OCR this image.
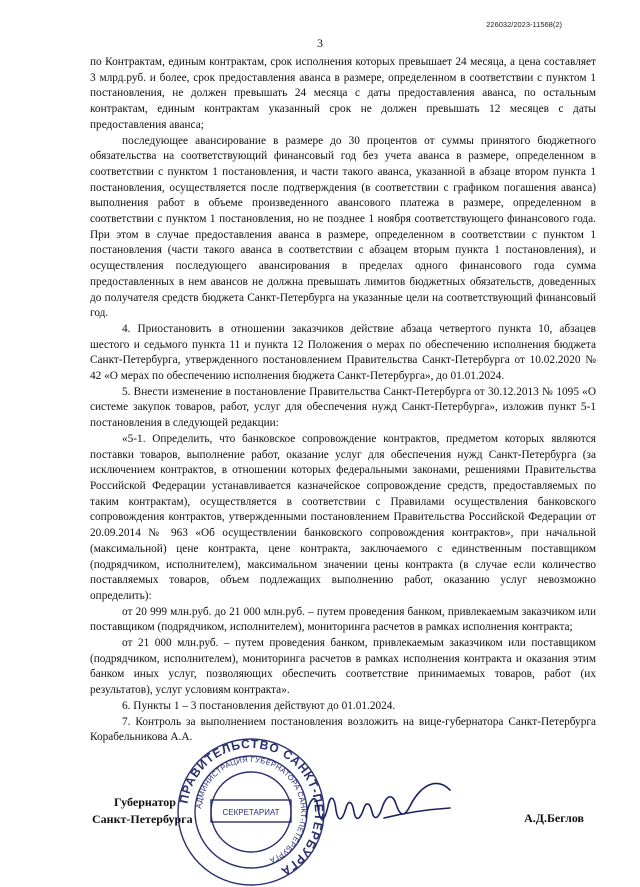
226032/2023-11568(2)
3

по Контрактам, единым контрактам, срок исполнения которых превышает 24 месяца, а цена составляет 3 млрд.руб. и более, срок предоставления аванса в размере, определенном в соответствии с пунктом 1 постановления, не должен превышать 24 месяца с даты предоставления аванса, по остальным контрактам, единым контрактам указанный срок не должен превышать 12 месяцев с даты предоставления аванса;

последующее авансирование в размере до 30 процентов от суммы принятого бюджетного обязательства на соответствующий финансовый год без учета аванса в размере, определенном в соответствии с пунктом 1 постановления, и части такого аванса, указанной в абзаце втором пункта 1 постановления, осуществляется после подтверждения (в соответствии с графиком погашения аванса) выполнения работ в объеме произведенного авансового платежа в размере, определенном в соответствии с пунктом 1 постановления, но не позднее 1 ноября соответствующего финансового года. При этом в случае предоставления аванса в размере, определенном в соответствии с пунктом 1 постановления (части такого аванса в соответствии с абзацем вторым пункта 1 постановления), и осуществления последующего авансирования в пределах одного финансового года сумма предоставленных в нем авансов не должна превышать лимитов бюджетных обязательств, доведенных до получателя средств бюджета Санкт-Петербурга на указанные цели на соответствующий финансовый год.

4. Приостановить в отношении заказчиков действие абзаца четвертого пункта 10, абзацев шестого и седьмого пункта 11 и пункта 12 Положения о мерах по обеспечению исполнения бюджета Санкт-Петербурга, утвержденного постановлением Правительства Санкт-Петербурга от 10.02.2020 № 42 «О мерах по обеспечению исполнения бюджета Санкт-Петербурга», до 01.01.2024.

5. Внести изменение в постановление Правительства Санкт-Петербурга от 30.12.2013 № 1095 «О системе закупок товаров, работ, услуг для обеспечения нужд Санкт-Петербурга», изложив пункт 5-1 постановления в следующей редакции:

«5-1. Определить, что банковское сопровождение контрактов, предметом которых являются поставки товаров, выполнение работ, оказание услуг для обеспечения нужд Санкт-Петербурга (за исключением контрактов, в отношении которых федеральными законами, решениями Правительства Российской Федерации устанавливается казначейское сопровождение средств, предоставляемых по таким контрактам), осуществляется в соответствии с Правилами осуществления банковского сопровождения контрактов, утвержденными постановлением Правительства Российской Федерации от 20.09.2014 № 963 «Об осуществлении банковского сопровождения контрактов», при начальной (максимальной) цене контракта, цене контракта, заключаемого с единственным поставщиком (подрядчиком, исполнителем), максимальном значении цены контракта (в случае если количество поставляемых товаров, объем подлежащих выполнению работ, оказанию услуг невозможно определить):

от 20 999 млн.руб. до 21 000 млн.руб. – путем проведения банком, привлекаемым заказчиком или поставщиком (подрядчиком, исполнителем), мониторинга расчетов в рамках исполнения контракта;

от 21 000 млн.руб. – путем проведения банком, привлекаемым заказчиком или поставщиком (подрядчиком, исполнителем), мониторинга расчетов в рамках исполнения контракта и оказания этим банком иных услуг, позволяющих обеспечить соответствие принимаемых товаров, работ (их результатов), услуг условиям контракта».

6. Пункты 1 – 3 постановления действуют до 01.01.2024.

7. Контроль за выполнением постановления возложить на вице-губернатора Санкт-Петербурга Корабельникова А.А.

Губернатор
Санкт-Петербурга	А.Д.Беглов
ПРАВИТЕЛЬСТВО САНКТ-ПЕТЕРБУРГА
АДМИНИСТРАЦИЯ ГУБЕРНАТОРА САНКТ-ПЕТЕРБУРГА
СЕКРЕТАРИАТ
